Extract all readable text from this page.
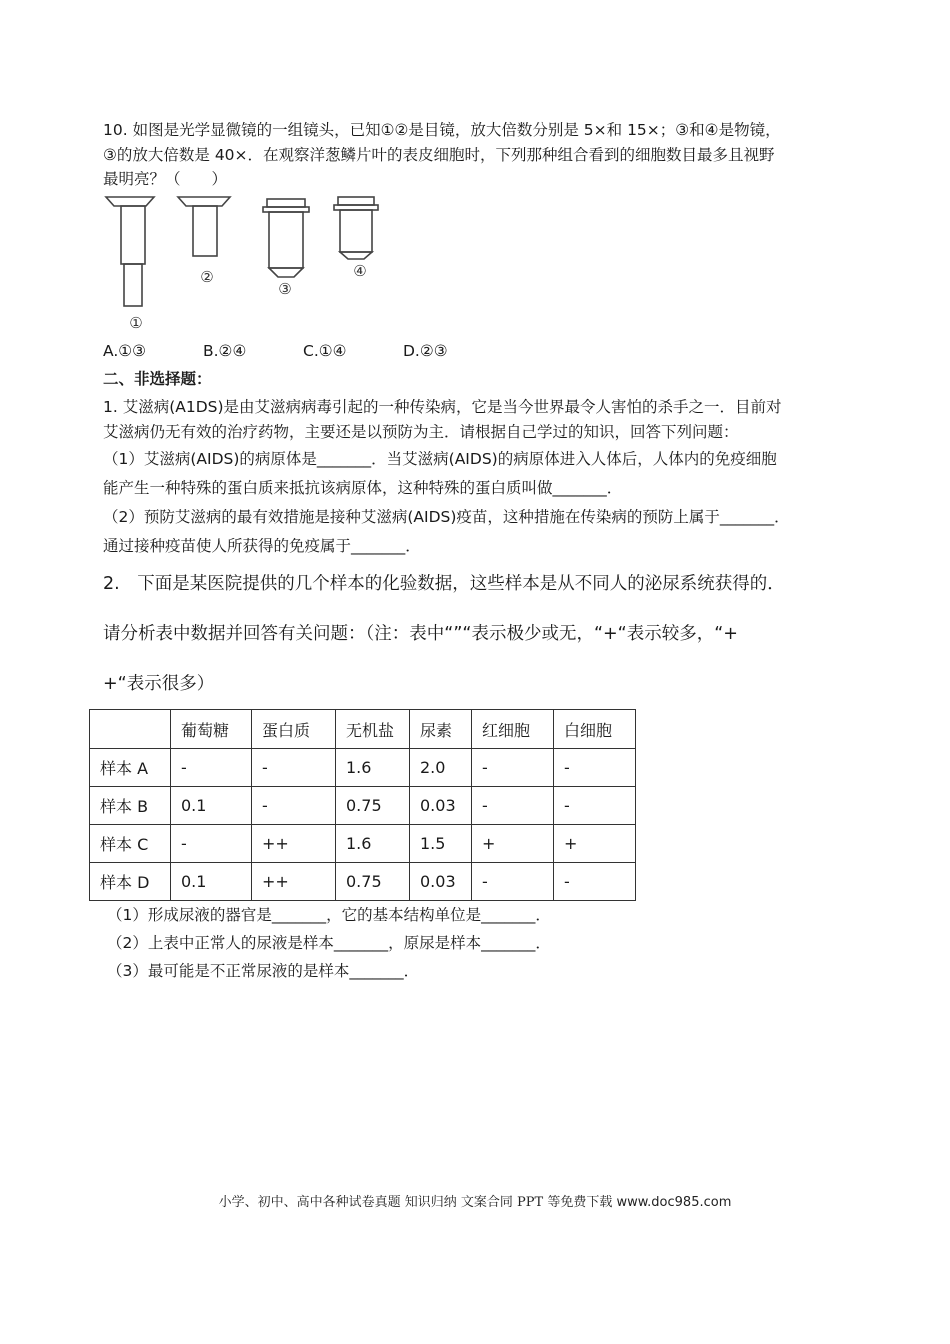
10. 如图是光学显微镜的一组镜头，已知①②是目镜，放大倍数分别是 5×和 15×；③和④是物镜，
③的放大倍数是 40×．在观察洋葱鳞片叶的表皮细胞时，下列那种组合看到的细胞数目最多且视野
最明亮？（　　）
①
②
③
④
A.①③	B.②④	C.①④	D.②③
二、非选择题：
1. 艾滋病(A1DS)是由艾滋病病毒引起的一种传染病，它是当今世界最令人害怕的杀手之一．目前对
艾滋病仍无有效的治疗药物，主要还是以预防为主．请根据自己学过的知识，回答下列问题：
（1）艾滋病(AIDS)的病原体是_______．当艾滋病(AIDS)的病原体进入人体后，人体内的免疫细胞
能产生一种特殊的蛋白质来抵抗该病原体，这种特殊的蛋白质叫做_______．
（2）预防艾滋病的最有效措施是接种艾滋病(AIDS)疫苗，这种措施在传染病的预防上属于_______．
通过接种疫苗使人所获得的免疫属于_______．
2.　下面是某医院提供的几个样本的化验数据，这些样本是从不同人的泌尿系统获得的．
请分析表中数据并回答有关问题：（注：表中“”“表示极少或无，“+“表示较多，“+
+“表示很多）
	葡萄糖	蛋白质	无机盐	尿素	红细胞	白细胞
样本 A	-	-	1.6	2.0	-	-
样本 B	0.1	-	0.75	0.03	-	-
样本 C	-	++	1.6	1.5	+	+
样本 D	0.1	++	0.75	0.03	-	-
（1）形成尿液的器官是_______，它的基本结构单位是_______．
（2）上表中正常人的尿液是样本_______，原尿是样本_______．
（3）最可能是不正常尿液的是样本_______．
小学、初中、高中各种试卷真题 知识归纳 文案合同 PPT 等免费下载 www.doc985.com
